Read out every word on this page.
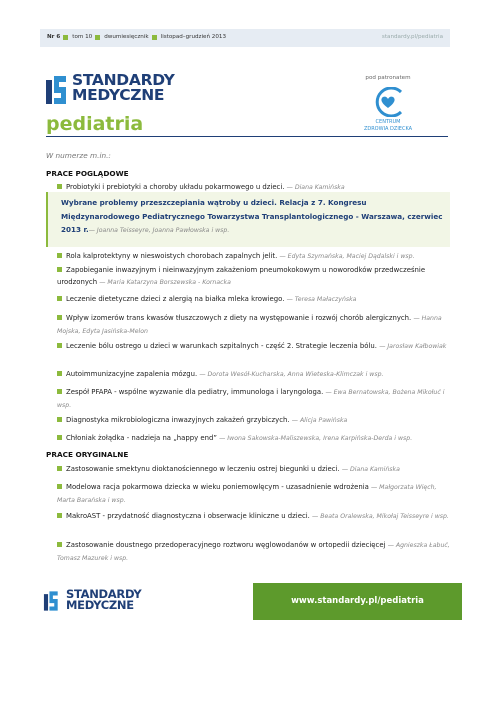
Nr 6 tom 10 dwumiesięcznik listopad–grudzień 2013	standardy.pl/pediatria
STANDARDY
MEDYCZNE
pediatria
pod patronatem
CENTRUM
ZDROWIA DZIECKA
W numerze m.in.:
PRACE POGLĄDOWE
Probiotyki i prebiotyki a choroby układu pokarmowego u dzieci. — Diana Kamińska
Wybrane problemy przeszczepiania wątroby u dzieci. Relacja z 7. Kongresu Międzynarodowego Pediatrycznego Towarzystwa Transplantologicznego - Warszawa, czerwiec 2013 r.— Joanna Teisseyre, Joanna Pawłowska i wsp.
Rola kalprotektyny w nieswoistych chorobach zapalnych jelit. — Edyta Szymańska, Maciej Dądalski i wsp.
Zapobieganie inwazyjnym i nieinwazyjnym zakażeniom pneumokokowym u noworodków przedwcześnie urodzonych — Maria Katarzyna Borszewska - Kornacka
Leczenie dietetyczne dzieci z alergią na białka mleka krowiego. — Teresa Małaczyńska
Wpływ izomerów trans kwasów tłuszczowych z diety na występowanie i rozwój chorób alergicznych. — Hanna Mojska, Edyta Jasińska-Melon
Leczenie bólu ostrego u dzieci w warunkach szpitalnych - część 2. Strategie leczenia bólu. — Jarosław Kałbowiak
Autoimmunizacyjne zapalenia mózgu. — Dorota Wesół-Kucharska, Anna Wieteska-Klimczak i wsp.
Zespół PFAPA - wspólne wyzwanie dla pediatry, immunologa i laryngologa. — Ewa Bernatowska, Bożena Mikołuć i wsp.
Diagnostyka mikrobiologiczna inwazyjnych zakażeń grzybiczych. — Alicja Pawińska
Chłoniak żołądka - nadzieja na „happy end” — Iwona Sakowska-Maliszewska, Irena Karpińska-Derda i wsp.
PRACE ORYGINALNE
Zastosowanie smektynu dioktanościennego w leczeniu ostrej biegunki u dzieci. — Diana Kamińska
Modelowa racja pokarmowa dziecka w wieku poniemowlęcym - uzasadnienie wdrożenia — Małgorzata Więch, Marta Barańska i wsp.
MakroAST - przydatność diagnostyczna i obserwacje kliniczne u dzieci. — Beata Oralewska, Mikołaj Teisseyre i wsp.
Zastosowanie doustnego przedoperacyjnego roztworu węglowodanów w ortopedii dziecięcej — Agnieszka Łabuć, Tomasz Mazurek i wsp.
STANDARDY
MEDYCZNE	www.standardy.pl/pediatria
